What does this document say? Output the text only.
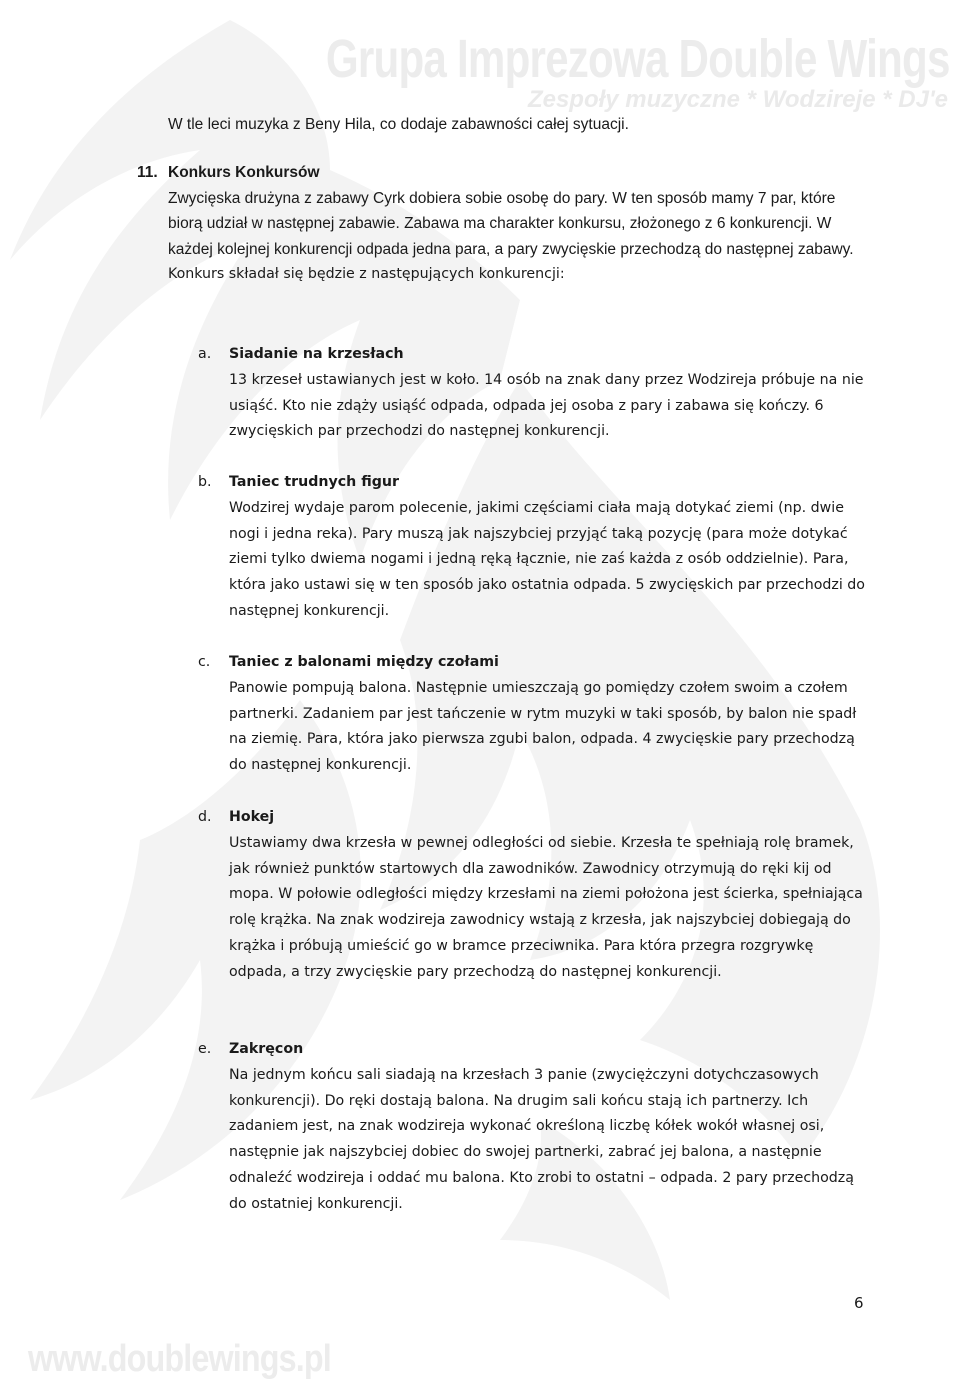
Grupa Imprezowa Double Wings
Zespoły muzyczne * Wodzireje * DJ'e
www.doublewings.pl
W tle leci muzyka z Beny Hila, co dodaje zabawności całej sytuacji.
11. Konkurs Konkursów

Zwycięska drużyna z zabawy Cyrk dobiera sobie osobę do pary. W ten sposób mamy 7 par, które biorą udział w następnej zabawie. Zabawa ma charakter konkursu, złożonego z 6 konkurencji. W każdej kolejnej konkurencji odpada jedna para, a pary zwycięskie przechodzą do następnej zabawy.

Konkurs składał się będzie z następujących konkurencji:

a. Siadanie na krzesłach

13 krzeseł ustawianych jest w koło. 14 osób na znak dany przez Wodzireja próbuje na nie usiąść. Kto nie zdąży usiąść odpada, odpada jej osoba z pary i zabawa się kończy. 6 zwycięskich par przechodzi do następnej konkurencji.

b. Taniec trudnych figur

Wodzirej wydaje parom polecenie, jakimi częściami ciała mają dotykać ziemi (np. dwie nogi i jedna reka). Pary muszą jak najszybciej przyjąć taką pozycję (para może dotykać ziemi tylko dwiema nogami i jedną ręką łącznie, nie zaś każda z osób oddzielnie). Para, która jako ustawi się w ten sposób jako ostatnia odpada. 5 zwycięskich par przechodzi do następnej konkurencji.

c. Taniec z balonami między czołami

Panowie pompują balona. Następnie umieszczają go pomiędzy czołem swoim a czołem partnerki. Zadaniem par jest tańczenie w rytm muzyki w taki sposób, by balon nie spadł na ziemię. Para, która jako pierwsza zgubi balon, odpada. 4 zwycięskie pary przechodzą do następnej konkurencji.

d. Hokej

Ustawiamy dwa krzesła w pewnej odległości od siebie. Krzesła te spełniają rolę bramek, jak również punktów startowych dla zawodników. Zawodnicy otrzymują do ręki kij od mopa. W połowie odległości między krzesłami na ziemi położona jest ścierka, spełniająca rolę krążka. Na znak wodzireja zawodnicy wstają z krzesła, jak najszybciej dobiegają do krążka i próbują umieścić go w bramce przeciwnika. Para która przegra rozgrywkę odpada, a trzy zwycięskie pary przechodzą do następnej konkurencji.

e. Zakręcon

Na jednym końcu sali siadają na krzesłach 3 panie (zwyciężczyni dotychczasowych konkurencji). Do ręki dostają balona. Na drugim sali końcu stają ich partnerzy. Ich zadaniem jest, na znak wodzireja wykonać określoną liczbę kółek wokół własnej osi, następnie jak najszybciej dobiec do swojej partnerki, zabrać jej balona, a następnie odnaleźć wodzireja i oddać mu balona. Kto zrobi to ostatni – odpada. 2 pary przechodzą do ostatniej konkurencji.

6
